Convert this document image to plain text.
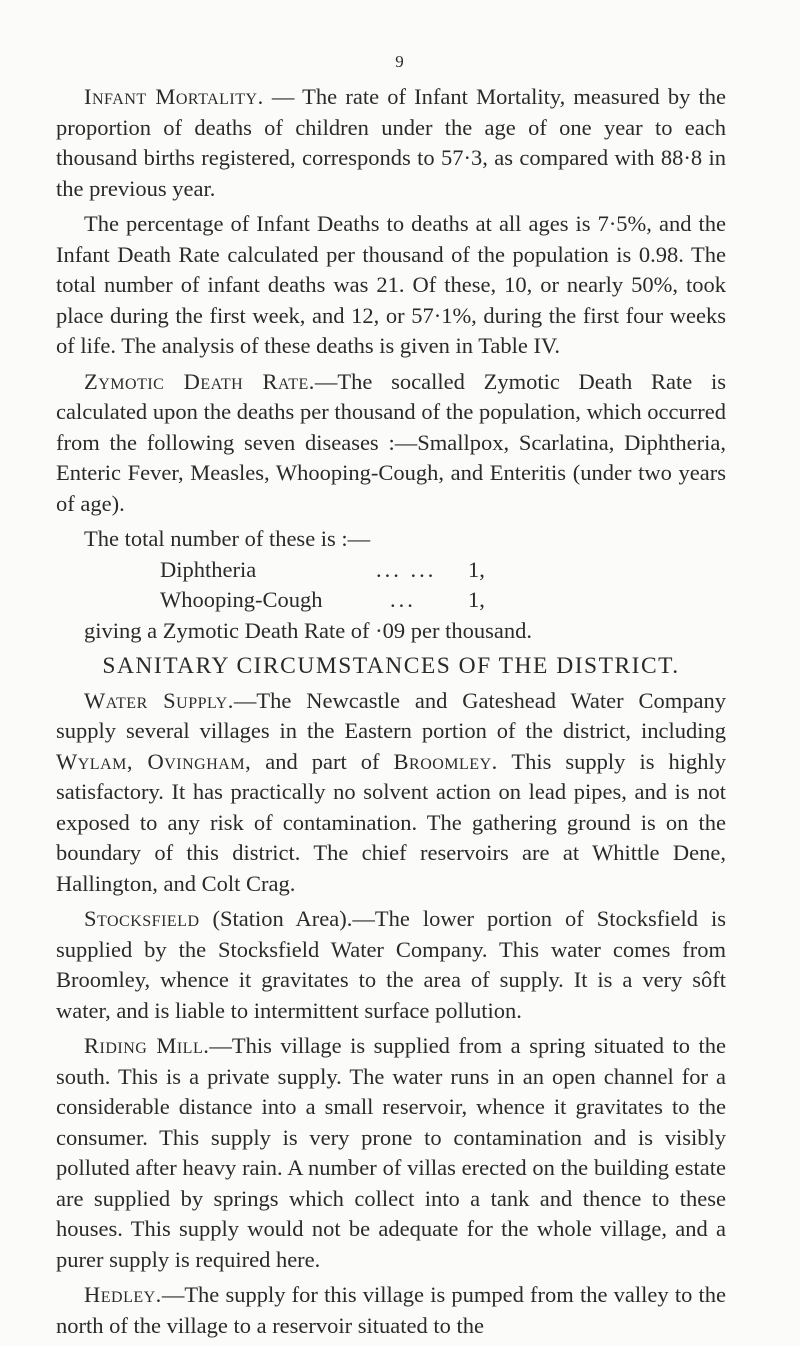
9

Infant Mortality. — The rate of Infant Mortality, measured by the proportion of deaths of children under the age of one year to each thousand births registered, corresponds to 57·3, as compared with 88·8 in the previous year.

The percentage of Infant Deaths to deaths at all ages is 7·5%, and the Infant Death Rate calculated per thousand of the population is 0.98. The total number of infant deaths was 21. Of these, 10, or nearly 50%, took place during the first week, and 12, or 57·1%, during the first four weeks of life. The analysis of these deaths is given in Table IV.

Zymotic Death Rate.—The socalled Zymotic Death Rate is calculated upon the deaths per thousand of the population, which occurred from the following seven diseases :—Smallpox, Scarlatina, Diphtheria, Enteric Fever, Measles, Whooping-Cough, and Enteritis (under two years of age).

The total number of these is :—

Diphtheria	... ... 1,
Whooping-Cough	... 1,

giving a Zymotic Death Rate of ·09 per thousand.

SANITARY CIRCUMSTANCES OF THE DISTRICT.

Water Supply.—The Newcastle and Gateshead Water Company supply several villages in the Eastern portion of the district, including Wylam, Ovingham, and part of Broomley. This supply is highly satisfactory. It has practically no solvent action on lead pipes, and is not exposed to any risk of contamination. The gathering ground is on the boundary of this district. The chief reservoirs are at Whittle Dene, Hallington, and Colt Crag.

Stocksfield (Station Area).—The lower portion of Stocksfield is supplied by the Stocksfield Water Company. This water comes from Broomley, whence it gravitates to the area of supply. It is a very sôft water, and is liable to intermittent surface pollution.

Riding Mill.—This village is supplied from a spring situated to the south. This is a private supply. The water runs in an open channel for a considerable distance into a small reservoir, whence it gravitates to the consumer. This supply is very prone to contamination and is visibly polluted after heavy rain. A number of villas erected on the building estate are supplied by springs which collect into a tank and thence to these houses. This supply would not be adequate for the whole village, and a purer supply is required here.

Hedley.—The supply for this village is pumped from the valley to the north of the village to a reservoir situated to the
